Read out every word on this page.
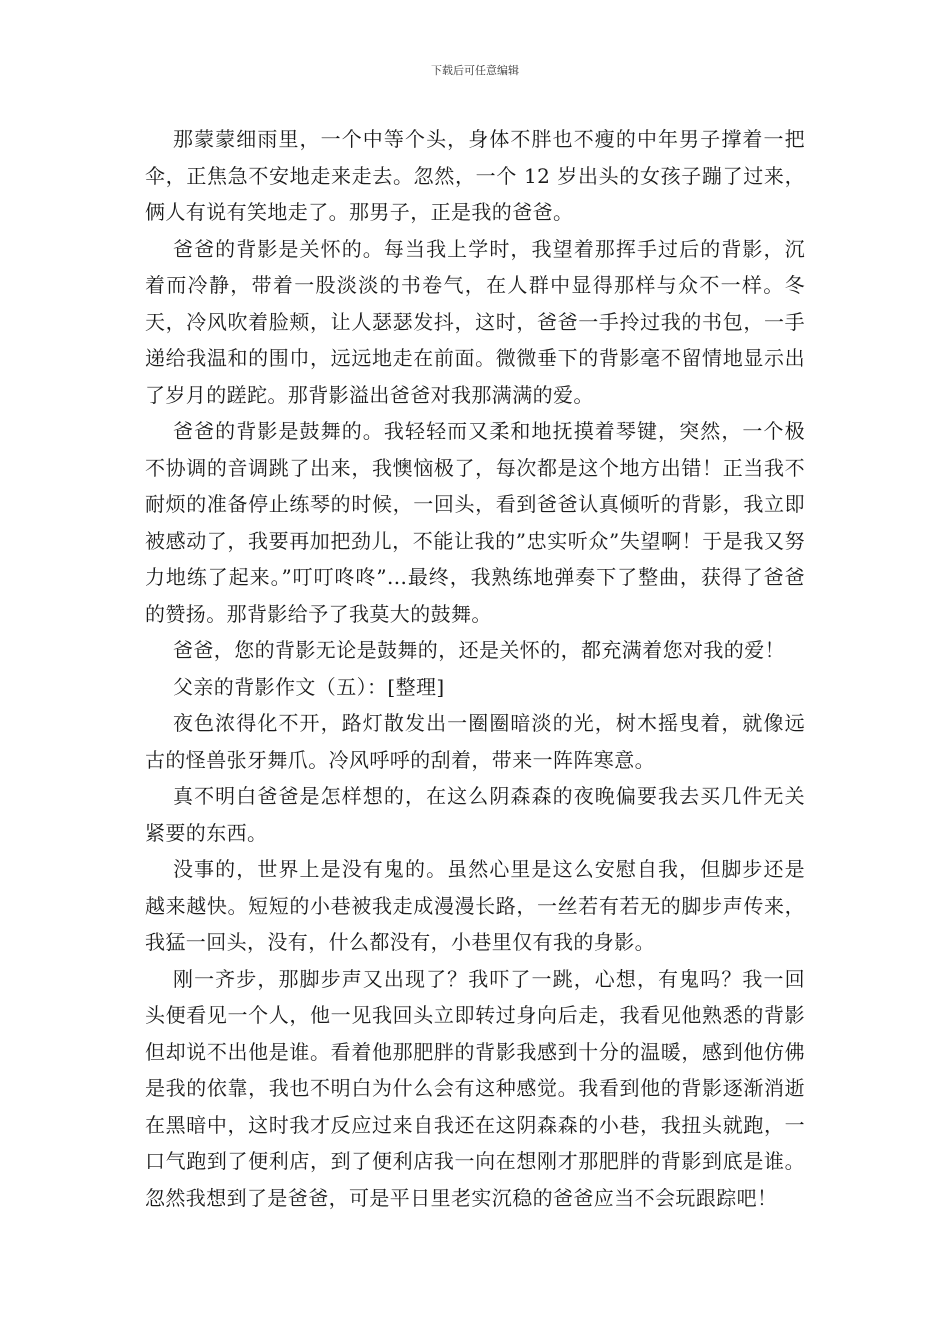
下载后可任意编辑

那蒙蒙细雨里，一个中等个头，身体不胖也不瘦的中年男子撑着一把伞，正焦急不安地走来走去。忽然，一个 12 岁出头的女孩子蹦了过来，俩人有说有笑地走了。那男子，正是我的爸爸。

爸爸的背影是关怀的。每当我上学时，我望着那挥手过后的背影，沉着而冷静，带着一股淡淡的书卷气，在人群中显得那样与众不一样。冬天，冷风吹着脸颊，让人瑟瑟发抖，这时，爸爸一手拎过我的书包，一手递给我温和的围巾，远远地走在前面。微微垂下的背影毫不留情地显示出了岁月的蹉跎。那背影溢出爸爸对我那满满的爱。

爸爸的背影是鼓舞的。我轻轻而又柔和地抚摸着琴键，突然，一个极不协调的音调跳了出来，我懊恼极了，每次都是这个地方出错！正当我不耐烦的准备停止练琴的时候，一回头，看到爸爸认真倾听的背影，我立即被感动了，我要再加把劲儿，不能让我的”忠实听众”失望啊！于是我又努力地练了起来。”叮叮咚咚”...最终，我熟练地弹奏下了整曲，获得了爸爸的赞扬。那背影给予了我莫大的鼓舞。

爸爸，您的背影无论是鼓舞的，还是关怀的，都充满着您对我的爱！

父亲的背影作文（五）：[整理]

夜色浓得化不开，路灯散发出一圈圈暗淡的光，树木摇曳着，就像远古的怪兽张牙舞爪。冷风呼呼的刮着，带来一阵阵寒意。

真不明白爸爸是怎样想的，在这么阴森森的夜晚偏要我去买几件无关紧要的东西。

没事的，世界上是没有鬼的。虽然心里是这么安慰自我，但脚步还是越来越快。短短的小巷被我走成漫漫长路，一丝若有若无的脚步声传来，我猛一回头，没有，什么都没有，小巷里仅有我的身影。

刚一齐步，那脚步声又出现了？我吓了一跳，心想，有鬼吗？我一回头便看见一个人，他一见我回头立即转过身向后走，我看见他熟悉的背影但却说不出他是谁。看着他那肥胖的背影我感到十分的温暖，感到他仿佛是我的依靠，我也不明白为什么会有这种感觉。我看到他的背影逐渐消逝在黑暗中，这时我才反应过来自我还在这阴森森的小巷，我扭头就跑，一口气跑到了便利店，到了便利店我一向在想刚才那肥胖的背影到底是谁。忽然我想到了是爸爸，可是平日里老实沉稳的爸爸应当不会玩跟踪吧！
